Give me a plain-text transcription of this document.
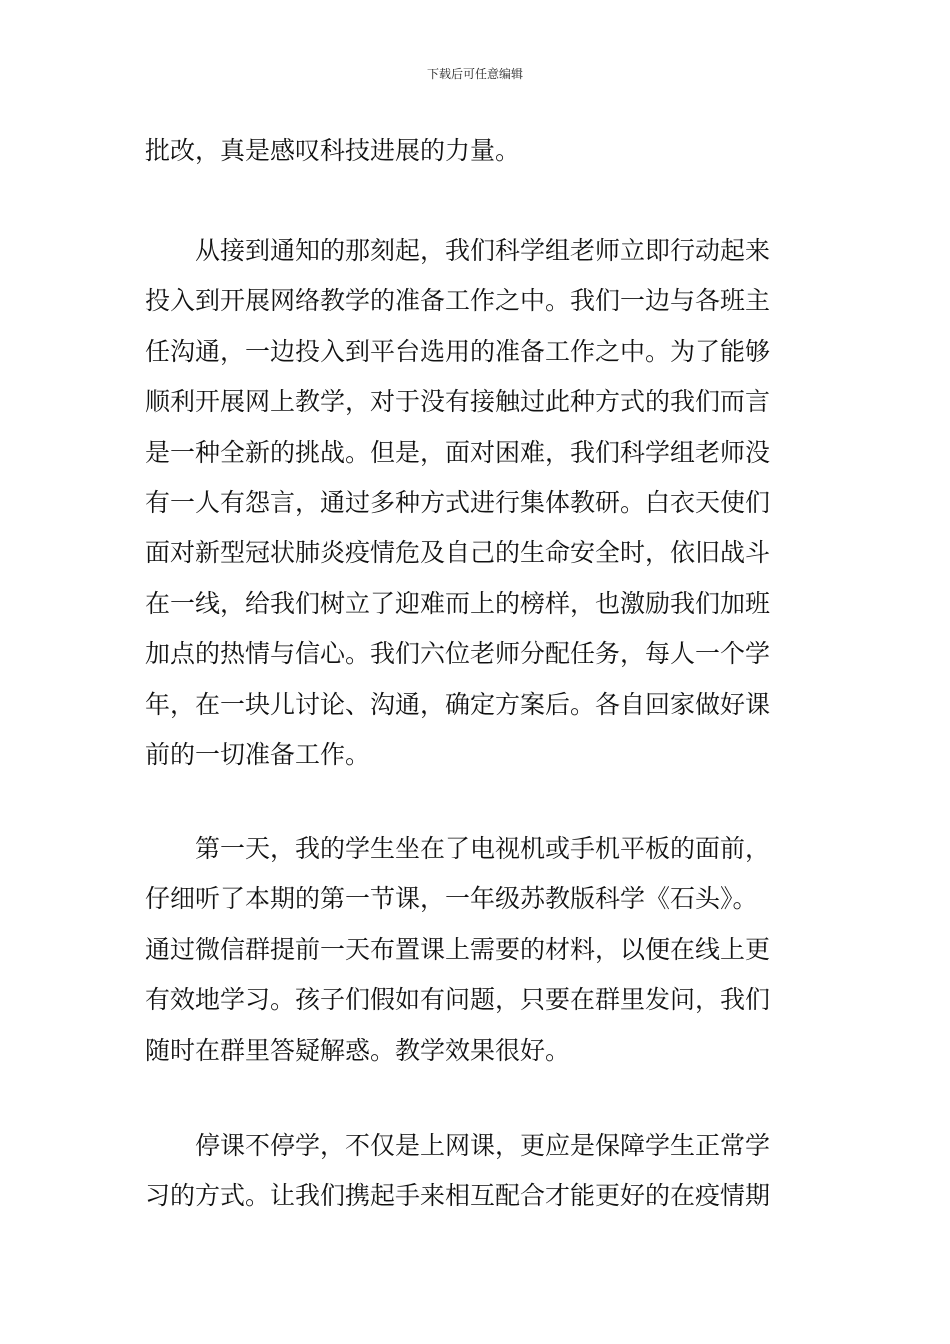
下载后可任意编辑
批改，真是感叹科技进展的力量。
从接到通知的那刻起，我们科学组老师立即行动起来
投入到开展网络教学的准备工作之中。我们一边与各班主
任沟通，一边投入到平台选用的准备工作之中。为了能够
顺利开展网上教学，对于没有接触过此种方式的我们而言
是一种全新的挑战。但是，面对困难，我们科学组老师没
有一人有怨言，通过多种方式进行集体教研。白衣天使们
面对新型冠状肺炎疫情危及自己的生命安全时，依旧战斗
在一线，给我们树立了迎难而上的榜样，也激励我们加班
加点的热情与信心。我们六位老师分配任务，每人一个学
年，在一块儿讨论、沟通，确定方案后。各自回家做好课
前的一切准备工作。
第一天，我的学生坐在了电视机或手机平板的面前，
仔细听了本期的第一节课，一年级苏教版科学《石头》。
通过微信群提前一天布置课上需要的材料，以便在线上更
有效地学习。孩子们假如有问题，只要在群里发问，我们
随时在群里答疑解惑。教学效果很好。
停课不停学，不仅是上网课，更应是保障学生正常学
习的方式。让我们携起手来相互配合才能更好的在疫情期
